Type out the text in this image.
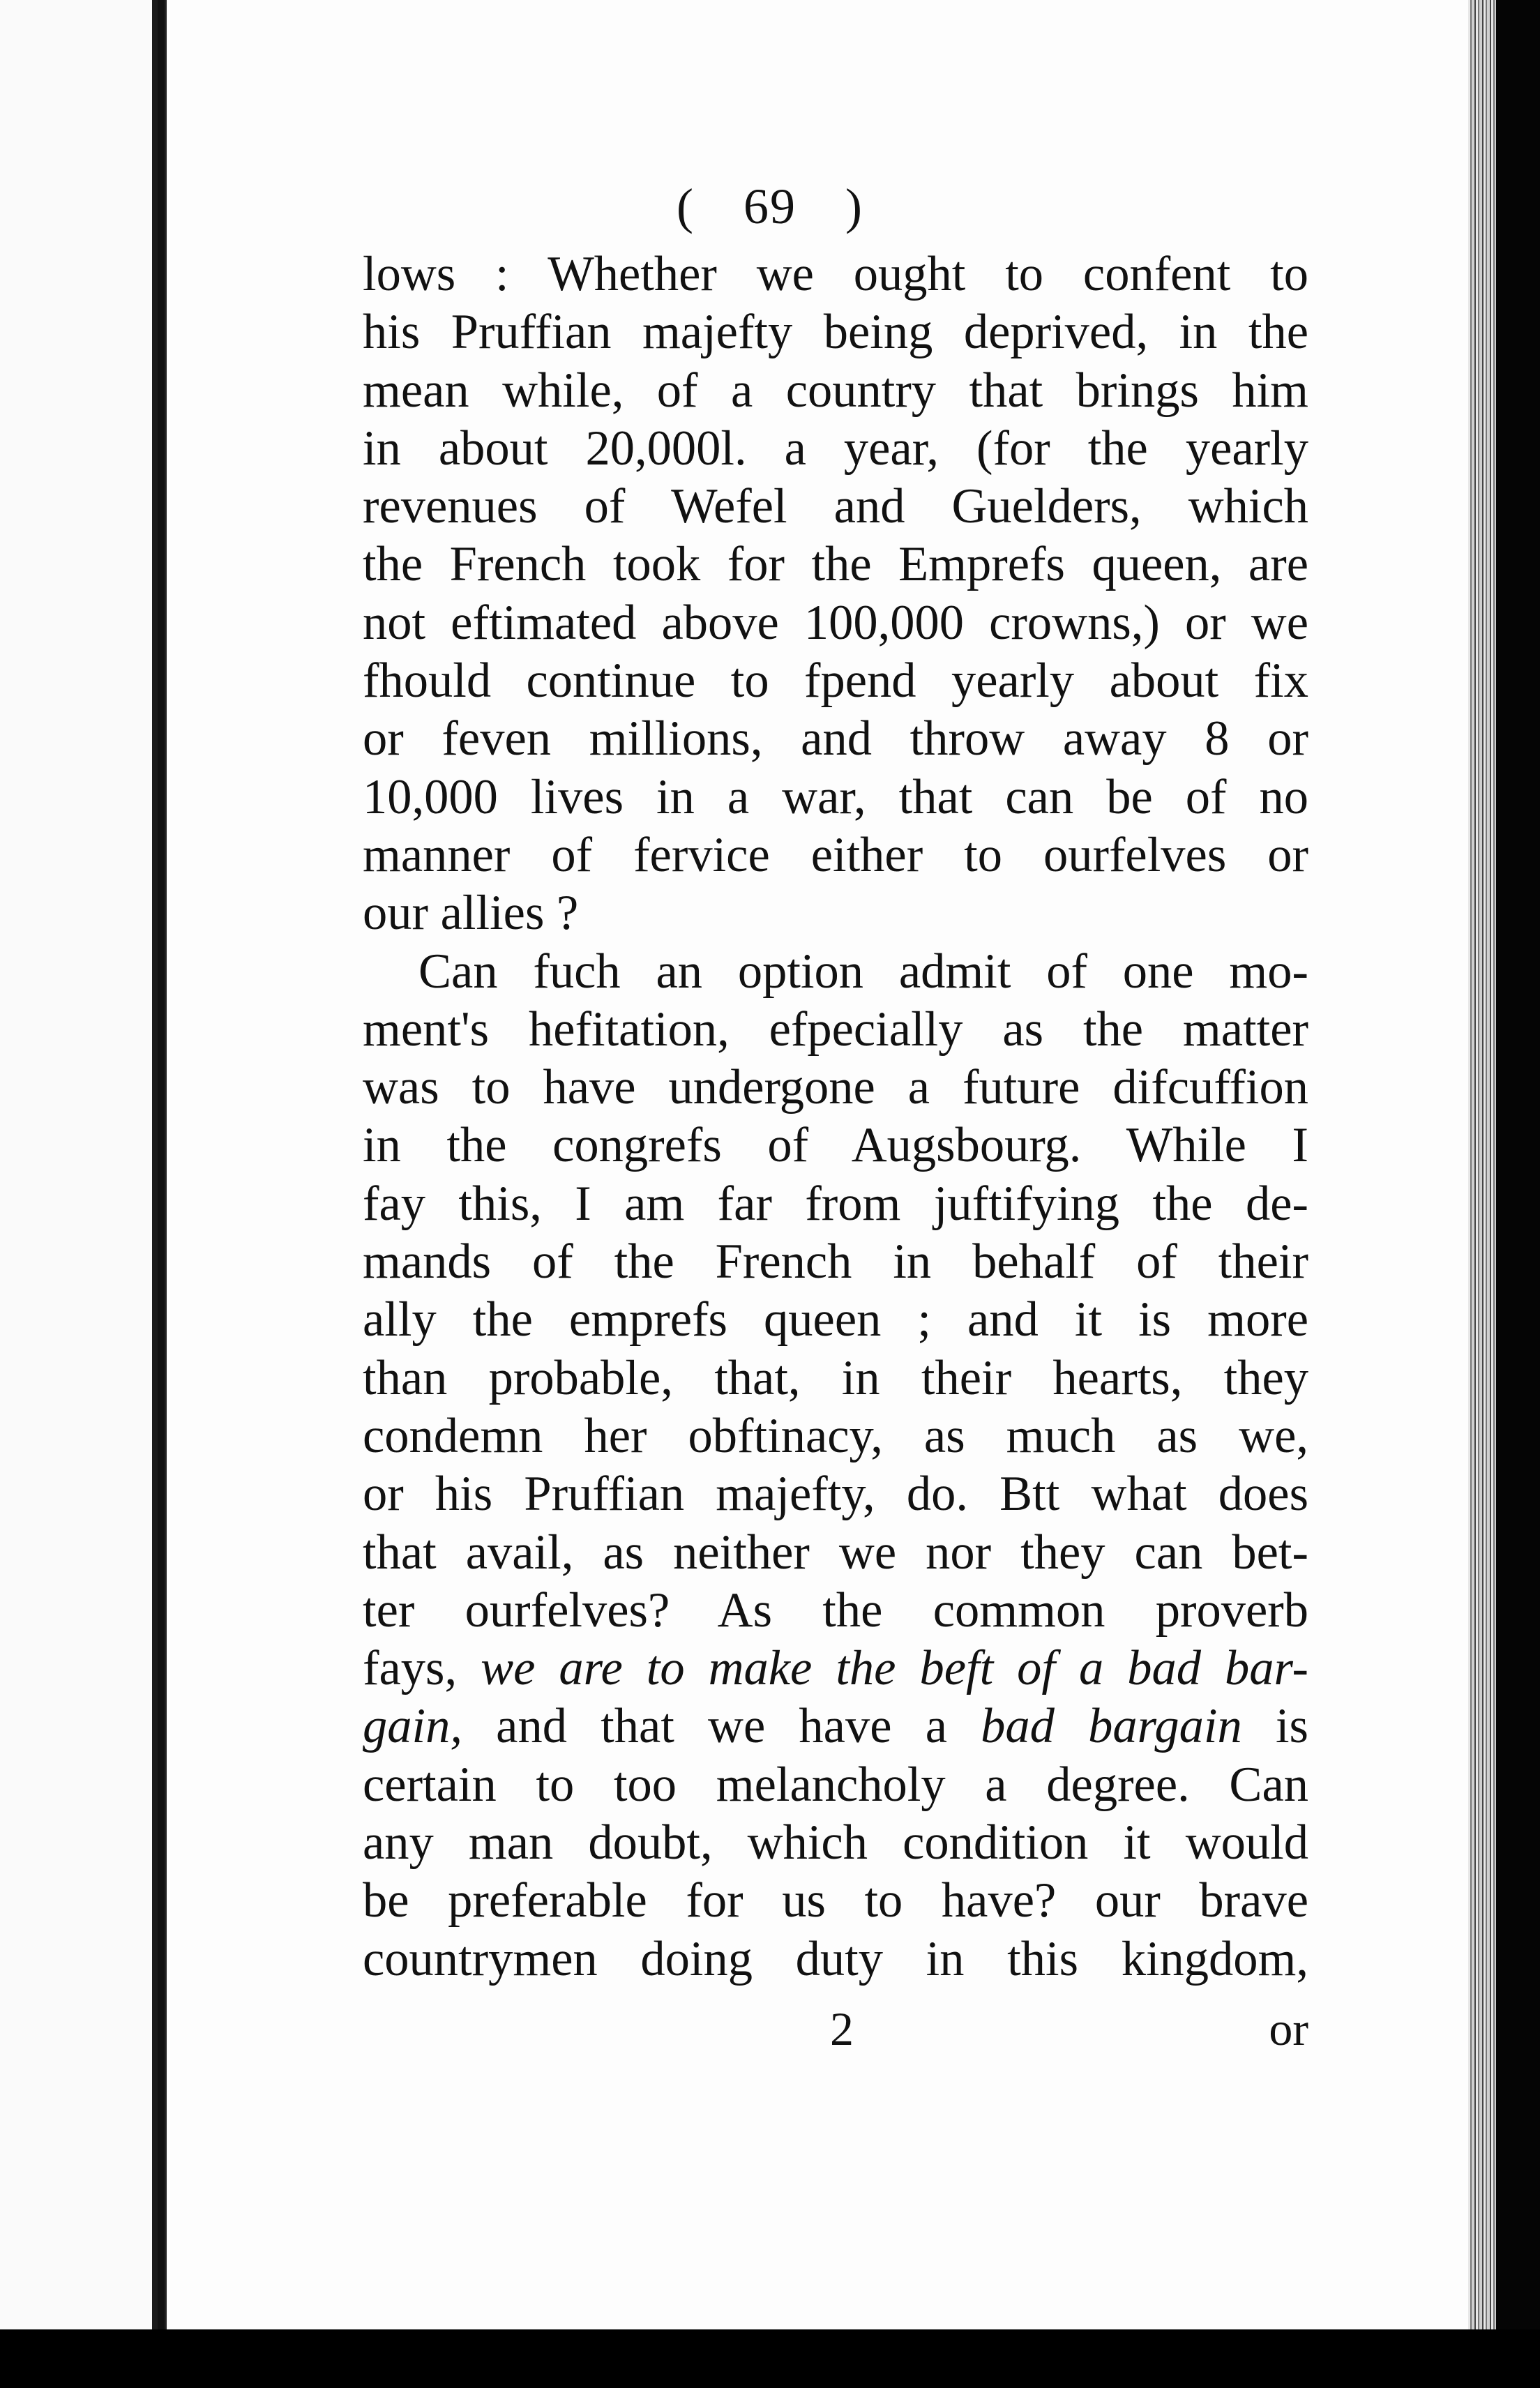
( 69 )
lows : Whether we ought to confent to
his Pruffian majefty being deprived, in the
mean while, of a country that brings him
in about 20,000l. a year, (for the yearly
revenues of Wefel and Guelders, which
the French took for the Emprefs queen, are
not eftimated above 100,000 crowns,) or we
fhould continue to fpend yearly about fix
or feven millions, and throw away 8 or
10,000 lives in a war, that can be of no
manner of fervice either to ourfelves or
our allies ?
Can fuch an option admit of one mo-
ment's hefitation, efpecially as the matter
was to have undergone a future difcuffion
in the congrefs of Augsbourg. While I
fay this, I am far from juftifying the de-
mands of the French in behalf of their
ally the emprefs queen ; and it is more
than probable, that, in their hearts, they
condemn her obftinacy, as much as we,
or his Pruffian majefty, do. Btt what does
that avail, as neither we nor they can bet-
ter ourfelves? As the common proverb
fays, we are to make the beft of a bad bar-
gain, and that we have a bad bargain is
certain to too melancholy a degree. Can
any man doubt, which condition it would
be preferable for us to have? our brave
countrymen doing duty in this kingdom,
2	or
